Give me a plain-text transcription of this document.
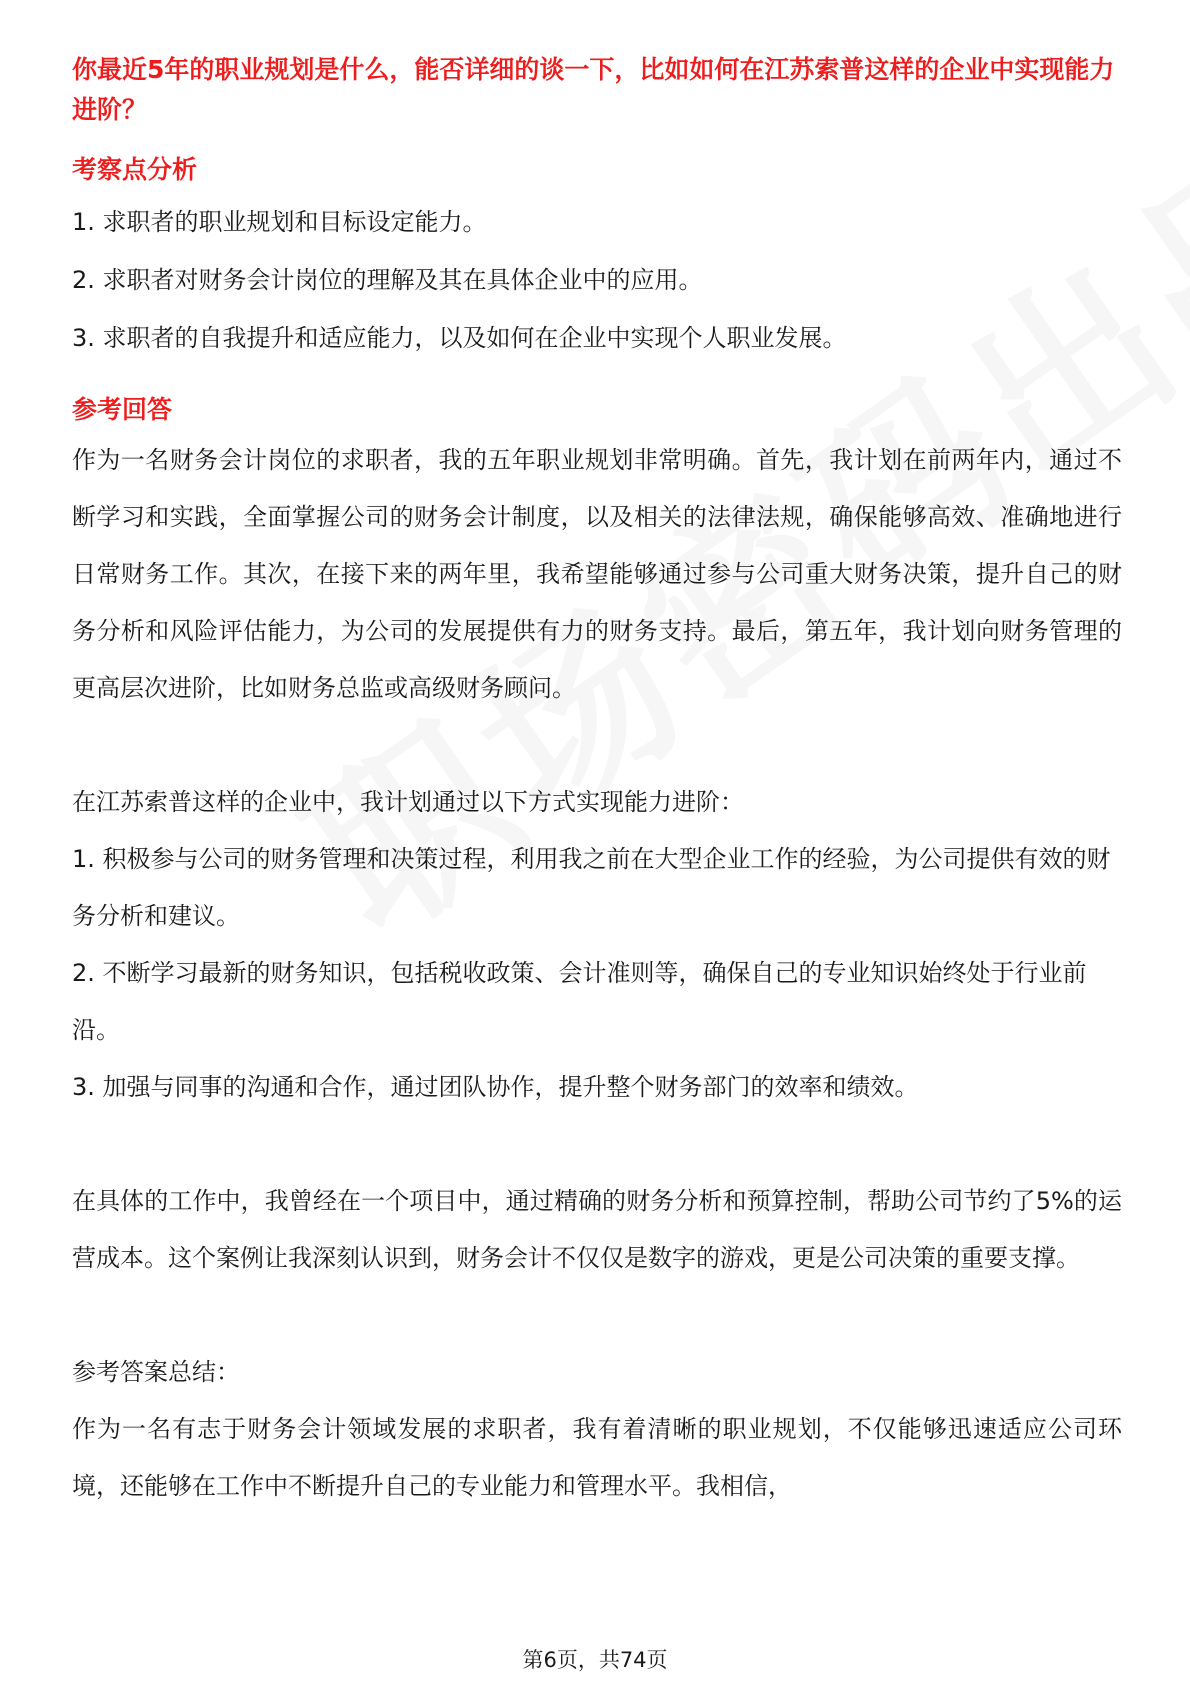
你最近5年的职业规划是什么，能否详细的谈一下，比如如何在江苏索普这样的企业中实现能力进阶？

考察点分析

1. 求职者的职业规划和目标设定能力。

2. 求职者对财务会计岗位的理解及其在具体企业中的应用。

3. 求职者的自我提升和适应能力，以及如何在企业中实现个人职业发展。

参考回答

作为一名财务会计岗位的求职者，我的五年职业规划非常明确。首先，我计划在前两年内，通过不断学习和实践，全面掌握公司的财务会计制度，以及相关的法律法规，确保能够高效、准确地进行日常财务工作。其次，在接下来的两年里，我希望能够通过参与公司重大财务决策，提升自己的财务分析和风险评估能力，为公司的发展提供有力的财务支持。最后，第五年，我计划向财务管理的更高层次进阶，比如财务总监或高级财务顾问。

在江苏索普这样的企业中，我计划通过以下方式实现能力进阶：

1. 积极参与公司的财务管理和决策过程，利用我之前在大型企业工作的经验，为公司提供有效的财务分析和建议。

2. 不断学习最新的财务知识，包括税收政策、会计准则等，确保自己的专业知识始终处于行业前沿。

3. 加强与同事的沟通和合作，通过团队协作，提升整个财务部门的效率和绩效。

在具体的工作中，我曾经在一个项目中，通过精确的财务分析和预算控制，帮助公司节约了5%的运营成本。这个案例让我深刻认识到，财务会计不仅仅是数字的游戏，更是公司决策的重要支撑。

参考答案总结：

作为一名有志于财务会计领域发展的求职者，我有着清晰的职业规划，不仅能够迅速适应公司环境，还能够在工作中不断提升自己的专业能力和管理水平。我相信，

第6页，共74页
